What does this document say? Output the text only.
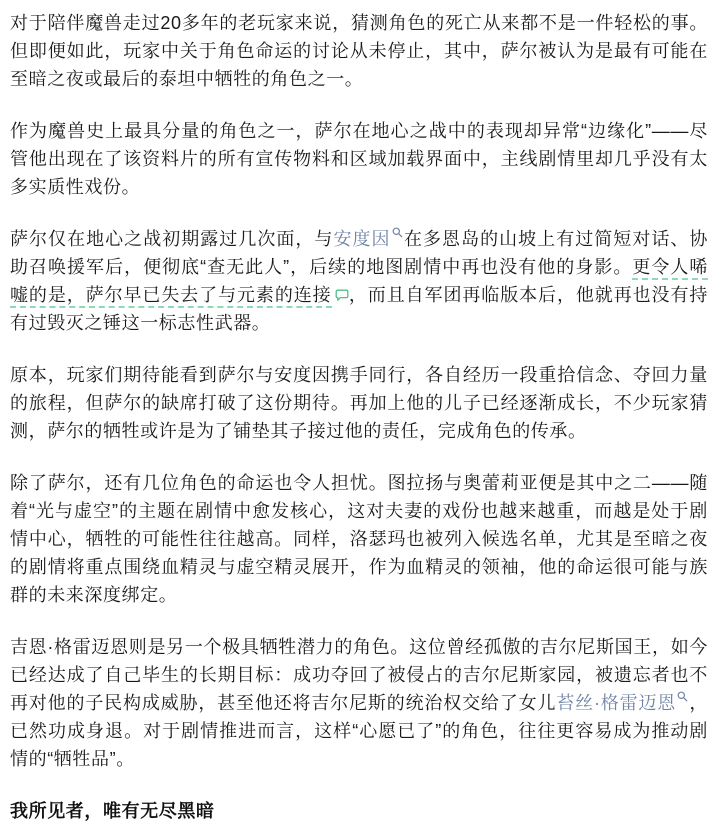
对于陪伴魔兽走过20多年的老玩家来说，猜测角色的死亡从来都不是一件轻松的事。但即便如此，玩家中关于角色命运的讨论从未停止，其中，萨尔被认为是最有可能在至暗之夜或最后的泰坦中牺牲的角色之一。

作为魔兽史上最具分量的角色之一，萨尔在地心之战中的表现却异常“边缘化”——尽管他出现在了该资料片的所有宣传物料和区域加载界面中，主线剧情里却几乎没有太多实质性戏份。

萨尔仅在地心之战初期露过几次面，与安度因 在多恩岛的山坡上有过简短对话、协助召唤援军后，便彻底“查无此人”，后续的地图剧情中再也没有他的身影。更令人唏嘘的是，萨尔早已失去了与元素的连接 ，而且自军团再临版本后，他就再也没有持有过毁灭之锤这一标志性武器。

原本，玩家们期待能看到萨尔与安度因携手同行，各自经历一段重拾信念、夺回力量的旅程，但萨尔的缺席打破了这份期待。再加上他的儿子已经逐渐成长，不少玩家猜测，萨尔的牺牲或许是为了铺垫其子接过他的责任，完成角色的传承。

除了萨尔，还有几位角色的命运也令人担忧。图拉扬与奥蕾莉亚便是其中之二——随着“光与虚空”的主题在剧情中愈发核心，这对夫妻的戏份也越来越重，而越是处于剧情中心，牺牲的可能性往往越高。同样，洛瑟玛也被列入候选名单，尤其是至暗之夜的剧情将重点围绕血精灵与虚空精灵展开，作为血精灵的领袖，他的命运很可能与族群的未来深度绑定。

吉恩·格雷迈恩则是另一个极具牺牲潜力的角色。这位曾经孤傲的吉尔尼斯国王，如今已经达成了自己毕生的长期目标：成功夺回了被侵占的吉尔尼斯家园，被遗忘者也不再对他的子民构成威胁，甚至他还将吉尔尼斯的统治权交给了女儿苔丝·格雷迈恩 ，已然功成身退。对于剧情推进而言，这样“心愿已了”的角色，往往更容易成为推动剧情的“牺牲品”。

我所见者，唯有无尽黑暗
